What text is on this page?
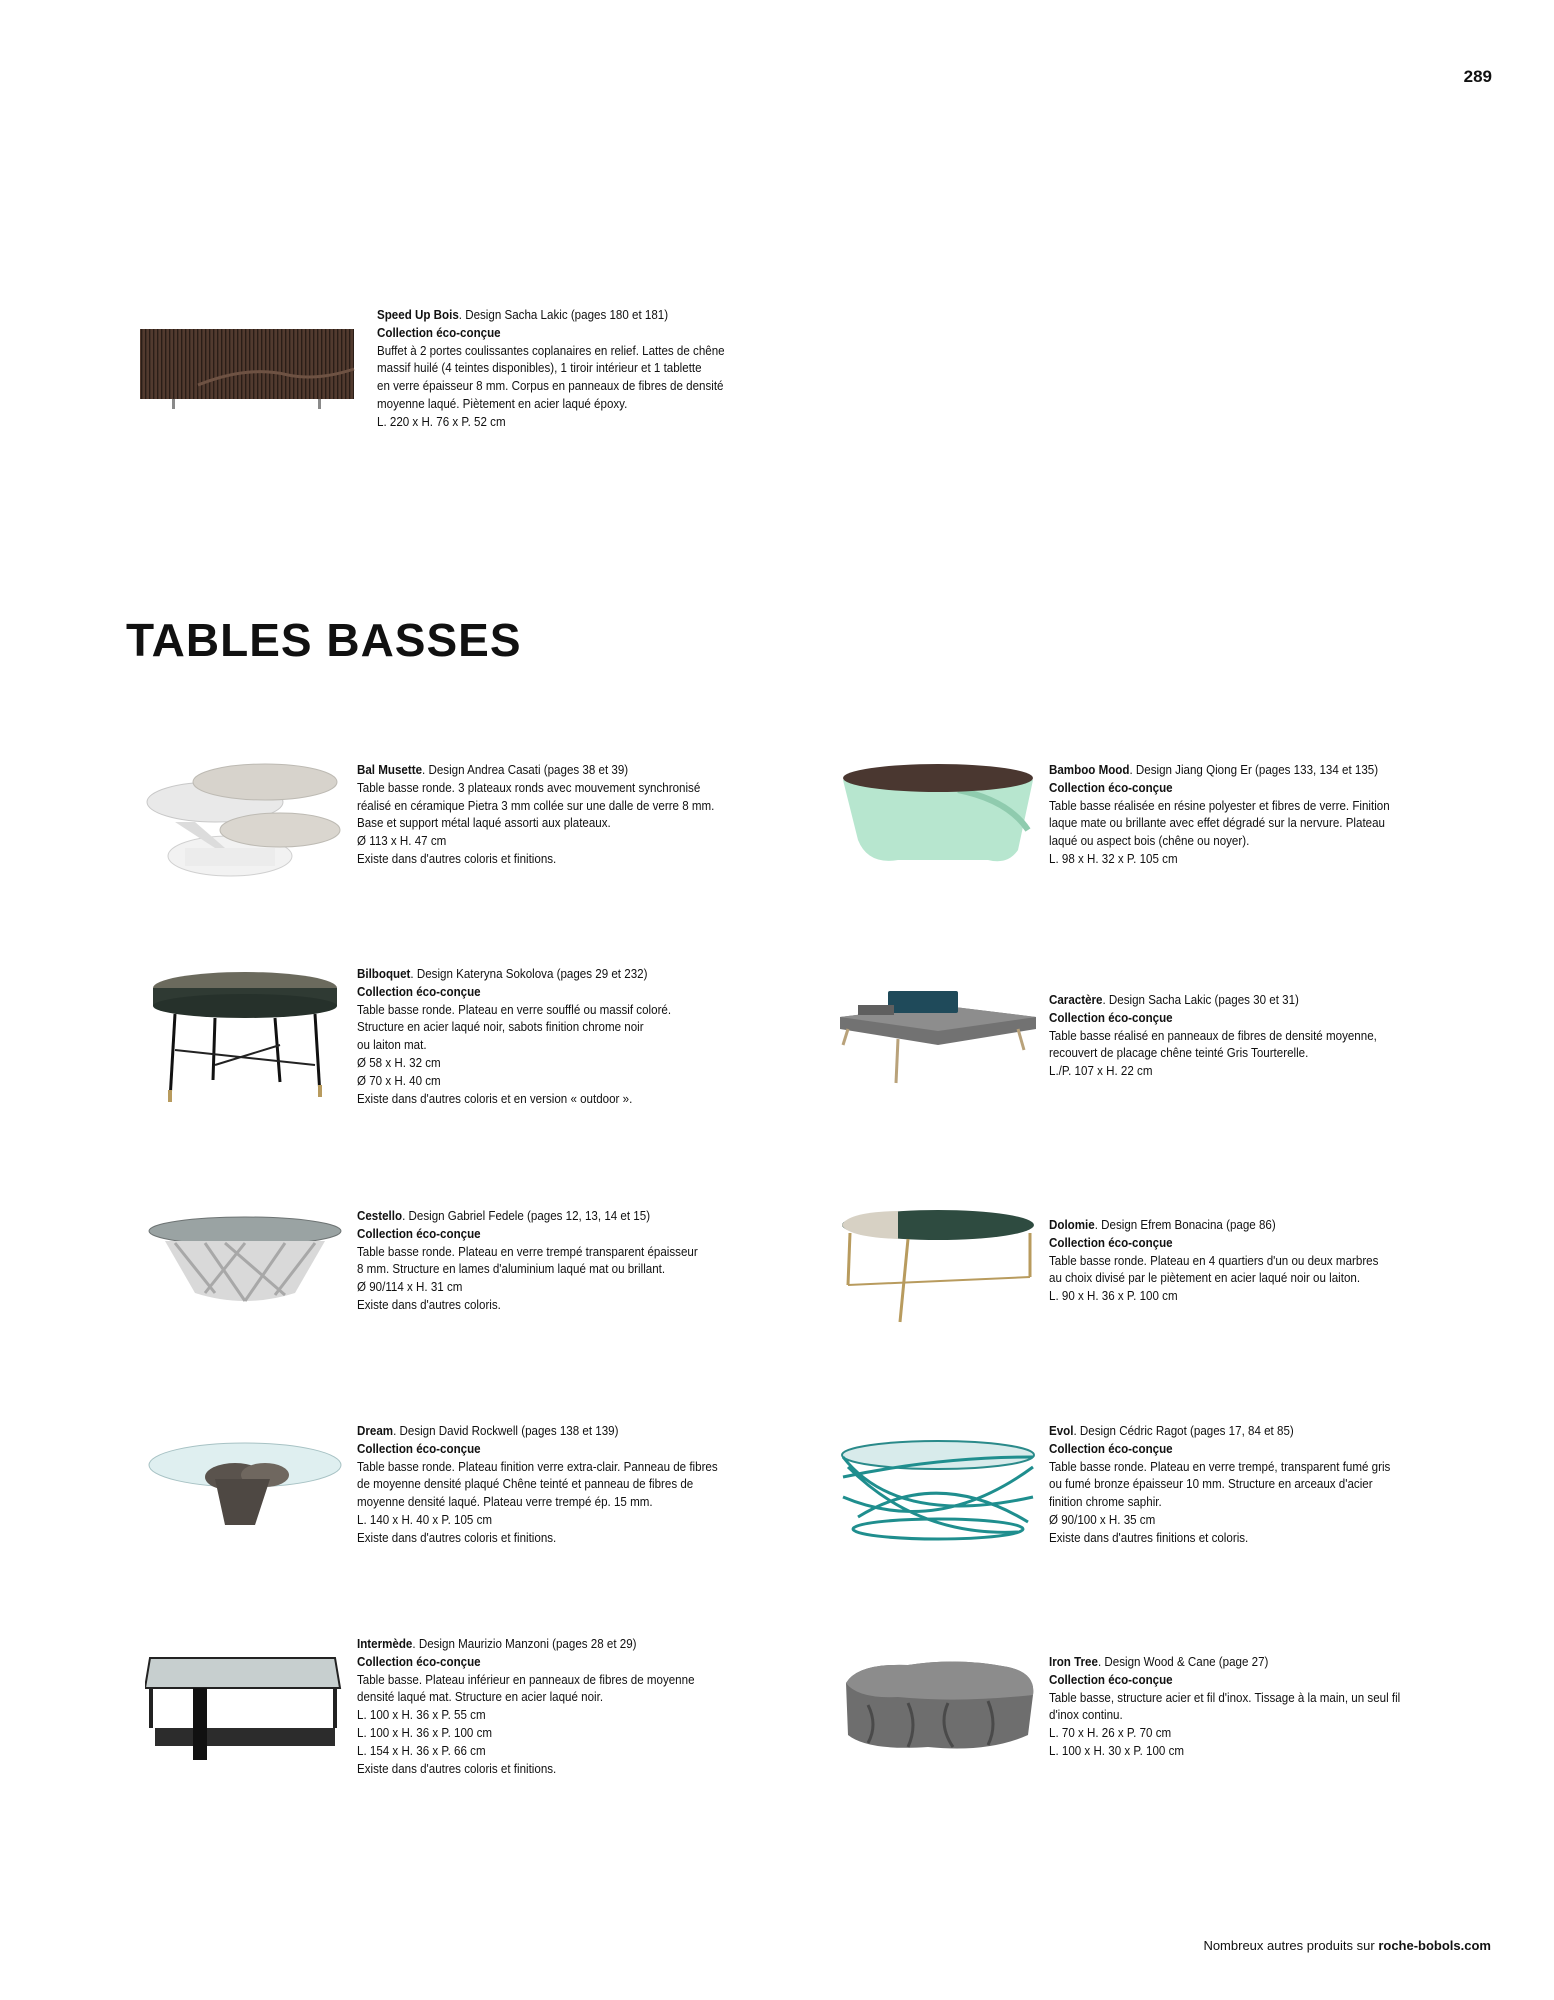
289
Speed Up Bois. Design Sacha Lakic (pages 180 et 181)
Collection éco-conçue
Buffet à 2 portes coulissantes coplanaires en relief. Lattes de chêne
massif huilé (4 teintes disponibles), 1 tiroir intérieur et 1 tablette
en verre épaisseur 8 mm. Corpus en panneaux de fibres de densité
moyenne laqué. Piètement en acier laqué époxy.
L. 220 x H. 76 x P. 52 cm
TABLES BASSES
Bal Musette. Design Andrea Casati (pages 38 et 39)
Table basse ronde. 3 plateaux ronds avec mouvement synchronisé
réalisé en céramique Pietra 3 mm collée sur une dalle de verre 8 mm.
Base et support métal laqué assorti aux plateaux.
Ø 113 x H. 47 cm
Existe dans d'autres coloris et finitions.
Bamboo Mood. Design Jiang Qiong Er (pages 133, 134 et 135)
Collection éco-conçue
Table basse réalisée en résine polyester et fibres de verre. Finition
laque mate ou brillante avec effet dégradé sur la nervure. Plateau
laqué ou aspect bois (chêne ou noyer).
L. 98 x H. 32 x P. 105 cm
Bilboquet. Design Kateryna Sokolova (pages 29 et 232)
Collection éco-conçue
Table basse ronde. Plateau en verre soufflé ou massif coloré.
Structure en acier laqué noir, sabots finition chrome noir
ou laiton mat.
Ø 58 x H. 32 cm
Ø 70 x H. 40 cm
Existe dans d'autres coloris et en version « outdoor ».
Caractère. Design Sacha Lakic (pages 30 et 31)
Collection éco-conçue
Table basse réalisé en panneaux de fibres de densité moyenne,
recouvert de placage chêne teinté Gris Tourterelle.
L./P. 107 x H. 22 cm
Cestello. Design Gabriel Fedele (pages 12, 13, 14 et 15)
Collection éco-conçue
Table basse ronde. Plateau en verre trempé transparent épaisseur
8 mm. Structure en lames d'aluminium laqué mat ou brillant.
Ø 90/114 x H. 31 cm
Existe dans d'autres coloris.
Dolomie. Design Efrem Bonacina (page 86)
Collection éco-conçue
Table basse ronde. Plateau en 4 quartiers d'un ou deux marbres
au choix divisé par le piètement en acier laqué noir ou laiton.
L. 90 x H. 36 x P. 100 cm
Dream. Design David Rockwell (pages 138 et 139)
Collection éco-conçue
Table basse ronde. Plateau finition verre extra-clair. Panneau de fibres
de moyenne densité plaqué Chêne teinté et panneau de fibres de
moyenne densité laqué. Plateau verre trempé ép. 15 mm.
L. 140 x H. 40 x P. 105 cm
Existe dans d'autres coloris et finitions.
Evol. Design Cédric Ragot (pages 17, 84 et 85)
Collection éco-conçue
Table basse ronde. Plateau en verre trempé, transparent fumé gris
ou fumé bronze épaisseur 10 mm. Structure en arceaux d'acier
finition chrome saphir.
Ø 90/100 x H. 35 cm
Existe dans d'autres finitions et coloris.
Intermède. Design Maurizio Manzoni (pages 28 et 29)
Collection éco-conçue
Table basse. Plateau inférieur en panneaux de fibres de moyenne
densité laqué mat. Structure en acier laqué noir.
L. 100 x H. 36 x P. 55 cm
L. 100 x H. 36 x P. 100 cm
L. 154 x H. 36 x P. 66 cm
Existe dans d'autres coloris et finitions.
Iron Tree. Design Wood & Cane (page 27)
Collection éco-conçue
Table basse, structure acier et fil d'inox. Tissage à la main, un seul fil
d'inox continu.
L. 70 x H. 26 x P. 70 cm
L. 100 x H. 30 x P. 100 cm
Nombreux autres produits sur roche-bobols.com
